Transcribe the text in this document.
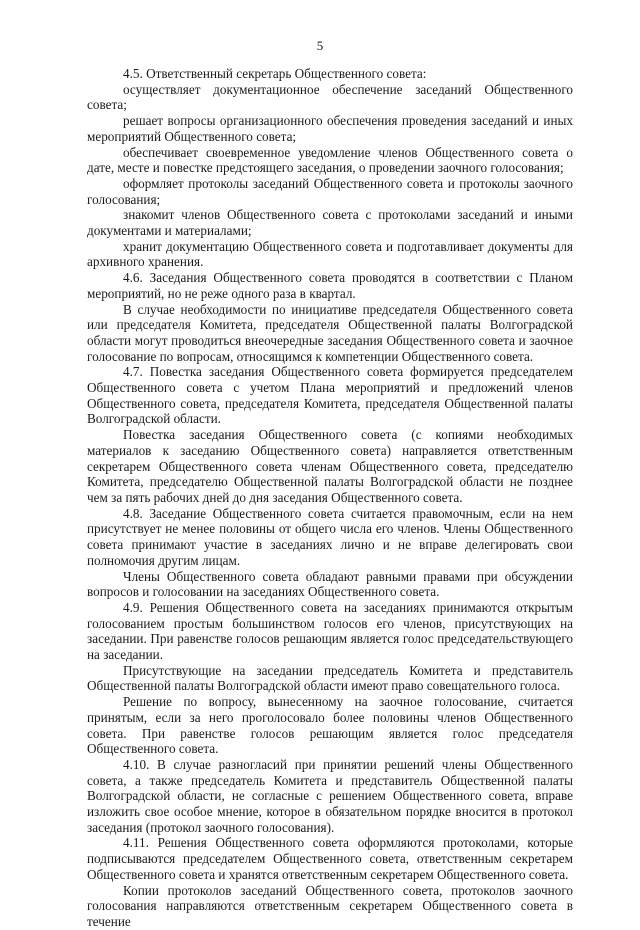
5

4.5. Ответственный секретарь Общественного совета:

осуществляет документационное обеспечение заседаний Общественного совета;

решает вопросы организационного обеспечения проведения заседаний и иных мероприятий Общественного совета;

обеспечивает своевременное уведомление членов Общественного совета о дате, месте и повестке предстоящего заседания, о проведении заочного голосования;

оформляет протоколы заседаний Общественного совета и протоколы заочного голосования;

знакомит членов Общественного совета с протоколами заседаний и иными документами и материалами;

хранит документацию Общественного совета и подготавливает документы для архивного хранения.

4.6. Заседания Общественного совета проводятся в соответствии с Планом мероприятий, но не реже одного раза в квартал.

В случае необходимости по инициативе председателя Общественного совета или председателя Комитета, председателя Общественной палаты Волгоградской области могут проводиться внеочередные заседания Общественного совета и заочное голосование по вопросам, относящимся к компетенции Общественного совета.

4.7. Повестка заседания Общественного совета формируется председателем Общественного совета с учетом Плана мероприятий и предложений членов Общественного совета, председателя Комитета, председателя Общественной палаты Волгоградской области.

Повестка заседания Общественного совета (с копиями необходимых материалов к заседанию Общественного совета) направляется ответственным секретарем Общественного совета членам Общественного совета, председателю Комитета, председателю Общественной палаты Волгоградской области не позднее чем за пять рабочих дней до дня заседания Общественного совета.

4.8. Заседание Общественного совета считается правомочным, если на нем присутствует не менее половины от общего числа его членов. Члены Общественного совета принимают участие в заседаниях лично и не вправе делегировать свои полномочия другим лицам.

Члены Общественного совета обладают равными правами при обсуждении вопросов и голосовании на заседаниях Общественного совета.

4.9. Решения Общественного совета на заседаниях принимаются открытым голосованием простым большинством голосов его членов, присутствующих на заседании. При равенстве голосов решающим является голос председательствующего на заседании.

Присутствующие на заседании председатель Комитета и представитель Общественной палаты Волгоградской области имеют право совещательного голоса.

Решение по вопросу, вынесенному на заочное голосование, считается принятым, если за него проголосовало более половины членов Общественного совета. При равенстве голосов решающим является голос председателя Общественного совета.

4.10. В случае разногласий при принятии решений члены Общественного совета, а также председатель Комитета и представитель Общественной палаты Волгоградской области, не согласные с решением Общественного совета, вправе изложить свое особое мнение, которое в обязательном порядке вносится в протокол заседания (протокол заочного голосования).

4.11. Решения Общественного совета оформляются протоколами, которые подписываются председателем Общественного совета, ответственным секретарем Общественного совета и хранятся ответственным секретарем Общественного совета.

Копии протоколов заседаний Общественного совета, протоколов заочного голосования направляются ответственным секретарем Общественного совета в течение
